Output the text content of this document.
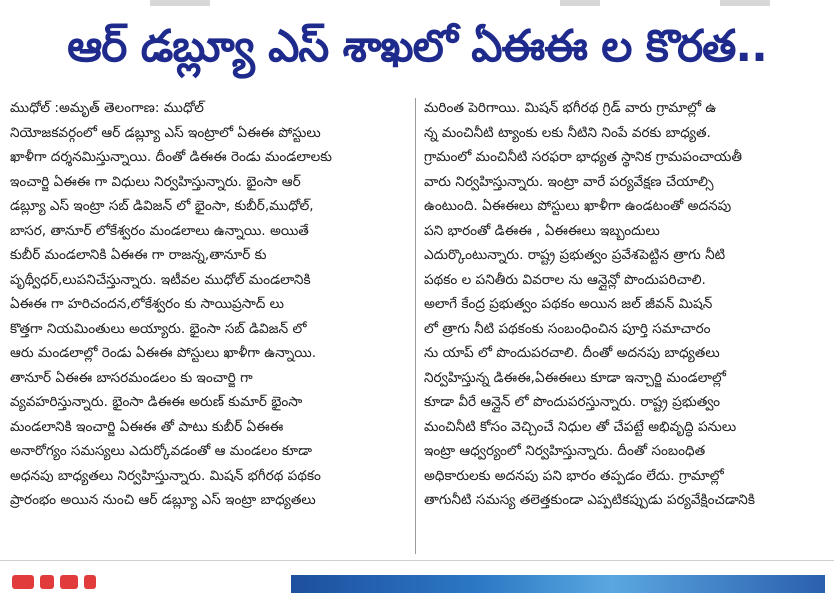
ఆర్ డబ్ల్యూ ఎస్ శాఖలో ఏఈఈ ల కొరత..

ముధోల్ :అమృత్ తెలంగాణ: ముధోల్

నియోజకవర్గంలో ఆర్ డబ్ల్యూ ఎస్ ఇంట్రాలో ఏఈఈ పోస్టులు

ఖాళీగా దర్శనమిస్తున్నాయి. దీంతో డిఈఈ రెండు మండలాలకు

ఇంచార్జి ఏఈఈ గా విధులు నిర్వహిస్తున్నారు. భైంసా ఆర్

డబ్ల్యూ ఎస్ ఇంట్రా సబ్ డివిజన్ లో భైంసా, కుబీర్,ముధోల్,

బాసర, తానూర్ లోకేశ్వరం మండలాలు ఉన్నాయి. అయితే

కుబీర్ మండలానికి ఏఈఈ గా రాజన్న,తానూర్ కు

పృథ్వీధర్,లుపనిచేస్తున్నారు. ఇటీవల ముధోల్ మండలానికి

ఏఈఈ గా హరిచందన,లోకేశ్వరం కు సాయిప్రసాద్ లు

కొత్తగా నియమింతులు అయ్యారు. భైంసా సబ్ డివిజన్ లో

ఆరు మండలాల్లో రెండు ఏఈఈ పోస్టులు ఖాళీగా ఉన్నాయి.

తానూర్ ఏఈఈ బాసరమండలం కు ఇంచార్జి గా

వ్యవహరిస్తున్నారు. భైంసా డిఈఈ అరుణ్ కుమార్ భైంసా

మండలానికి ఇంచార్జి ఏఈఈ తో పాటు కుబీర్ ఏఈఈ

అనారోగ్యం సమస్యలు ఎదుర్కోవడంతో ఆ మండలం కూడా

అధనపు బాధ్యతలు నిర్వహిస్తున్నారు. మిషన్ భగీరథ పథకం

ప్రారంభం అయిన నుంచి ఆర్ డబ్ల్యూ ఎస్ ఇంట్రా బాధ్యతలు

మరింత పెరిగాయి. మిషన్ భగీరథ గ్రిడ్ వారు గ్రామాల్లో ఉ

న్న మంచినీటి ట్యాంకు లకు నీటిని నింపే వరకు బాధ్యత.

గ్రామంలో మంచినీటి సరఫరా భాధ్యత స్థానిక గ్రామపంచాయతీ

వారు నిర్వహిస్తున్నారు. ఇంట్రా వారే పర్యవేక్షణ చేయాల్సి

ఉంటుంది. ఏఈఈలు పోస్టులు ఖాళీగా ఉండటంతో అదనపు

పని భారంతో డిఈఈ , ఏఈఈలు ఇబ్బందులు

ఎదుర్కొంటున్నారు. రాష్ట్ర ప్రభుత్వం ప్రవేశపెట్టిన త్రాగు నీటి

పథకం ల పనితీరు వివరాల ను ఆన్లైన్లో పొందుపరిచాలి.

అలాగే కేంద్ర ప్రభుత్వం పథకం అయిన జల్ జీవన్ మిషన్

లో త్రాగు నీటి పథకంకు సంబంధించిన పూర్తి సమాచారం

ను యాప్ లో పొందుపరచాలి. దీంతో అదనపు బాధ్యతలు

నిర్వహిస్తున్న డిఈఈ,ఏఈఈలు కూడా ఇన్చార్జి మండలాల్లో

కూడా వీరే ఆన్లైన్ లో పొందుపరస్తున్నారు. రాష్ట్ర ప్రభుత్వం

మంచినీటి కోసం వెచ్చించే నిధుల తో చేపట్టే అభివృద్ధి పనులు

ఇంట్రా ఆధ్వర్యంలో నిర్వహిస్తున్నారు. దీంతో సంబంధిత

అధికారులకు అదనపు పని భారం తప్పడం లేదు. గ్రామాల్లో

తాగునీటి సమస్య తలెత్తకుండా ఎప్పటికప్పుడు పర్యవేక్షించడానికి
